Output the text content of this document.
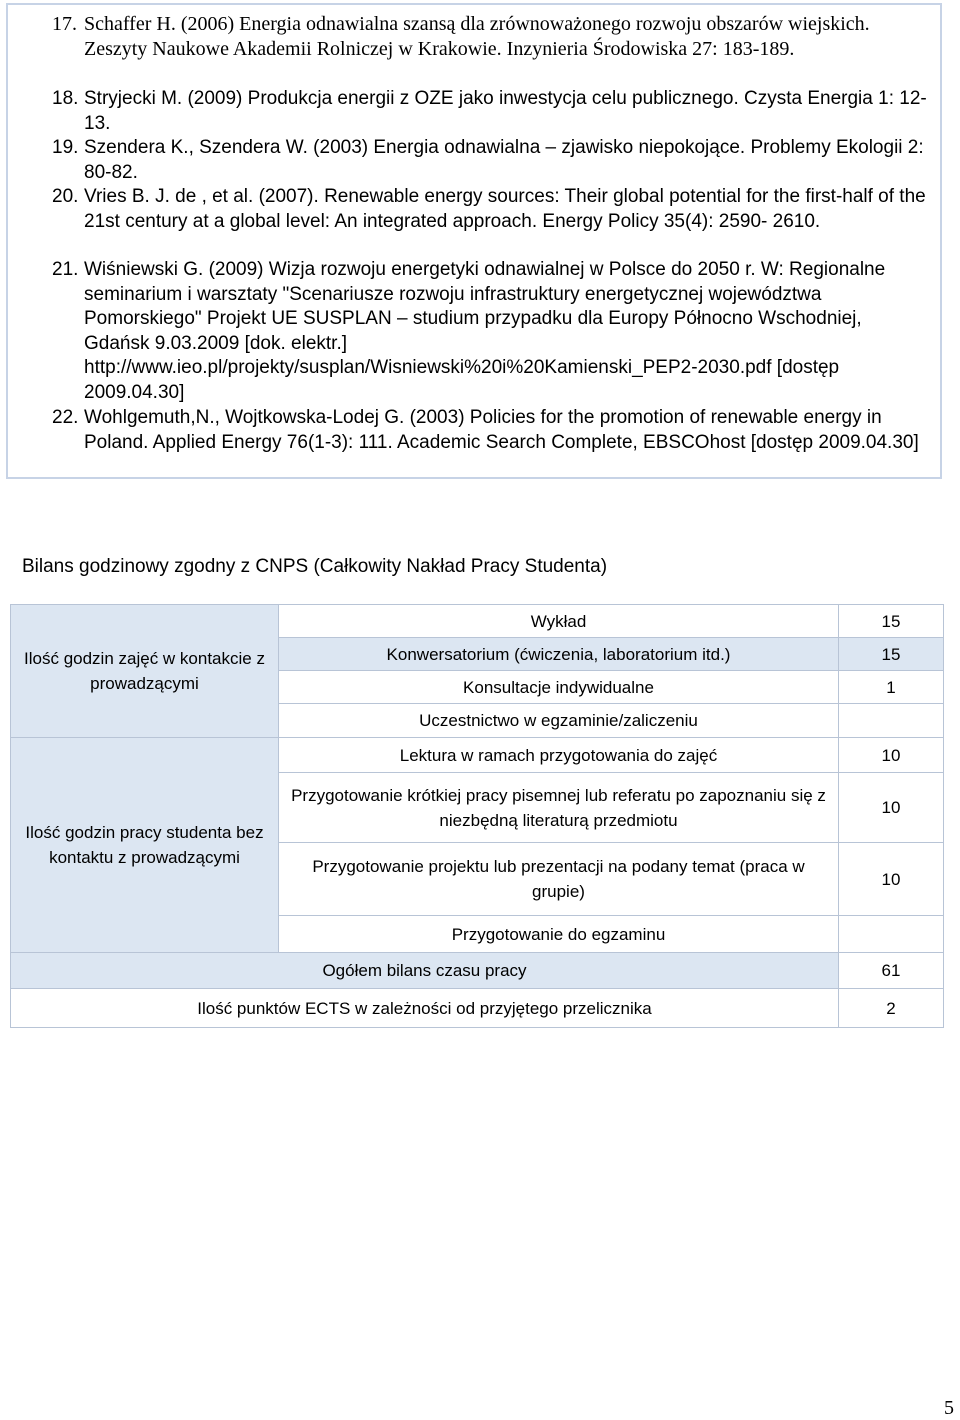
17. Schaffer H. (2006) Energia odnawialna szansą dla zrównoważonego rozwoju obszarów wiejskich. Zeszyty Naukowe Akademii Rolniczej w Krakowie. Inzynieria Środowiska 27: 183-189.
18. Stryjecki M. (2009) Produkcja energii z OZE jako inwestycja celu publicznego. Czysta Energia 1: 12-13.
19. Szendera K., Szendera W. (2003) Energia odnawialna – zjawisko niepokojące. Problemy Ekologii 2: 80-82.
20. Vries B. J. de , et al. (2007). Renewable energy sources: Their global potential for the first-half of the 21st century at a global level: An integrated approach. Energy Policy 35(4): 2590- 2610.
21. Wiśniewski G. (2009) Wizja rozwoju energetyki odnawialnej w Polsce do 2050 r. W: Regionalne seminarium i warsztaty "Scenariusze rozwoju infrastruktury energetycznej województwa Pomorskiego" Projekt UE SUSPLAN – studium przypadku dla Europy Północno Wschodniej, Gdańsk 9.03.2009 [dok. elektr.] http://www.ieo.pl/projekty/susplan/Wisniewski%20i%20Kamienski_PEP2-2030.pdf [dostęp 2009.04.30]
22. Wohlgemuth,N., Wojtkowska-Lodej G. (2003) Policies for the promotion of renewable energy in Poland. Applied Energy 76(1-3): 111. Academic Search Complete, EBSCOhost [dostęp 2009.04.30]
Bilans godzinowy zgodny z CNPS (Całkowity Nakład Pracy Studenta)
Ilość godzin zajęć w kontakcie z prowadzącymi	Wykład	15
	Konwersatorium (ćwiczenia, laboratorium itd.)	15
	Konsultacje indywidualne	1
	Uczestnictwo w egzaminie/zaliczeniu	
Ilość godzin pracy studenta bez kontaktu z prowadzącymi	Lektura w ramach przygotowania do zajęć	10
	Przygotowanie krótkiej pracy pisemnej lub referatu po zapoznaniu się z niezbędną literaturą przedmiotu	10
	Przygotowanie projektu lub prezentacji na podany temat (praca w grupie)	10
	Przygotowanie do egzaminu	
Ogółem bilans czasu pracy		61
Ilość punktów ECTS w zależności od przyjętego przelicznika		2
5
